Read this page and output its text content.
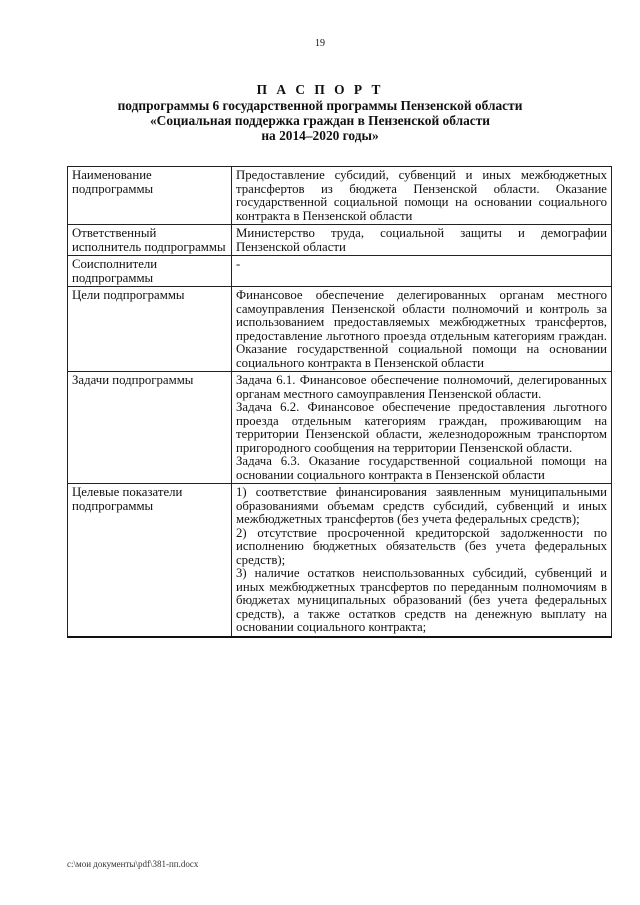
19
П А С П О Р Т
подпрограммы 6 государственной программы Пензенской области
«Социальная поддержка граждан в Пензенской области
на 2014–2020 годы»
Наименование подпрограммы	Предоставление субсидий, субвенций и иных межбюджетных трансфертов из бюджета Пензенской области. Оказание государственной социальной помощи на основании социального контракта в Пензенской области

Ответственный исполнитель подпрограммы	Министерство труда, социальной защиты и демографии Пензенской области

Соисполнители подпрограммы	-

Цели подпрограммы	Финансовое обеспечение делегированных органам местного самоуправления Пензенской области полномочий и контроль за использованием предоставляемых межбюджетных трансфертов, предоставление льготного проезда отдельным категориям граждан. Оказание государственной социальной помощи на основании социального контракта в Пензенской области

Задачи подпрограммы	Задача 6.1. Финансовое обеспечение полномочий, делегированных органам местного самоуправления Пензенской области.

Задача 6.2. Финансовое обеспечение предоставления льготного проезда отдельным категориям граждан, проживающим на территории Пензенской области, железнодорожным транспортом пригородного сообщения на территории Пензенской области.

Задача 6.3. Оказание государственной социальной помощи на основании социального контракта в Пензенской области

Целевые показатели подпрограммы	1) соответствие финансирования заявленным муниципальными образованиями объемам средств субсидий, субвенций и иных межбюджетных трансфертов (без учета федеральных средств);

2) отсутствие просроченной кредиторской задолженности по исполнению бюджетных обязательств (без учета федеральных средств);

3) наличие остатков неиспользованных субсидий, субвенций и иных межбюджетных трансфертов по переданным полномочиям в бюджетах муниципальных образований (без учета федеральных средств), а также остатков средств на денежную выплату на основании социального контракта;

c:\мои документы\pdf\381-пп.docx
